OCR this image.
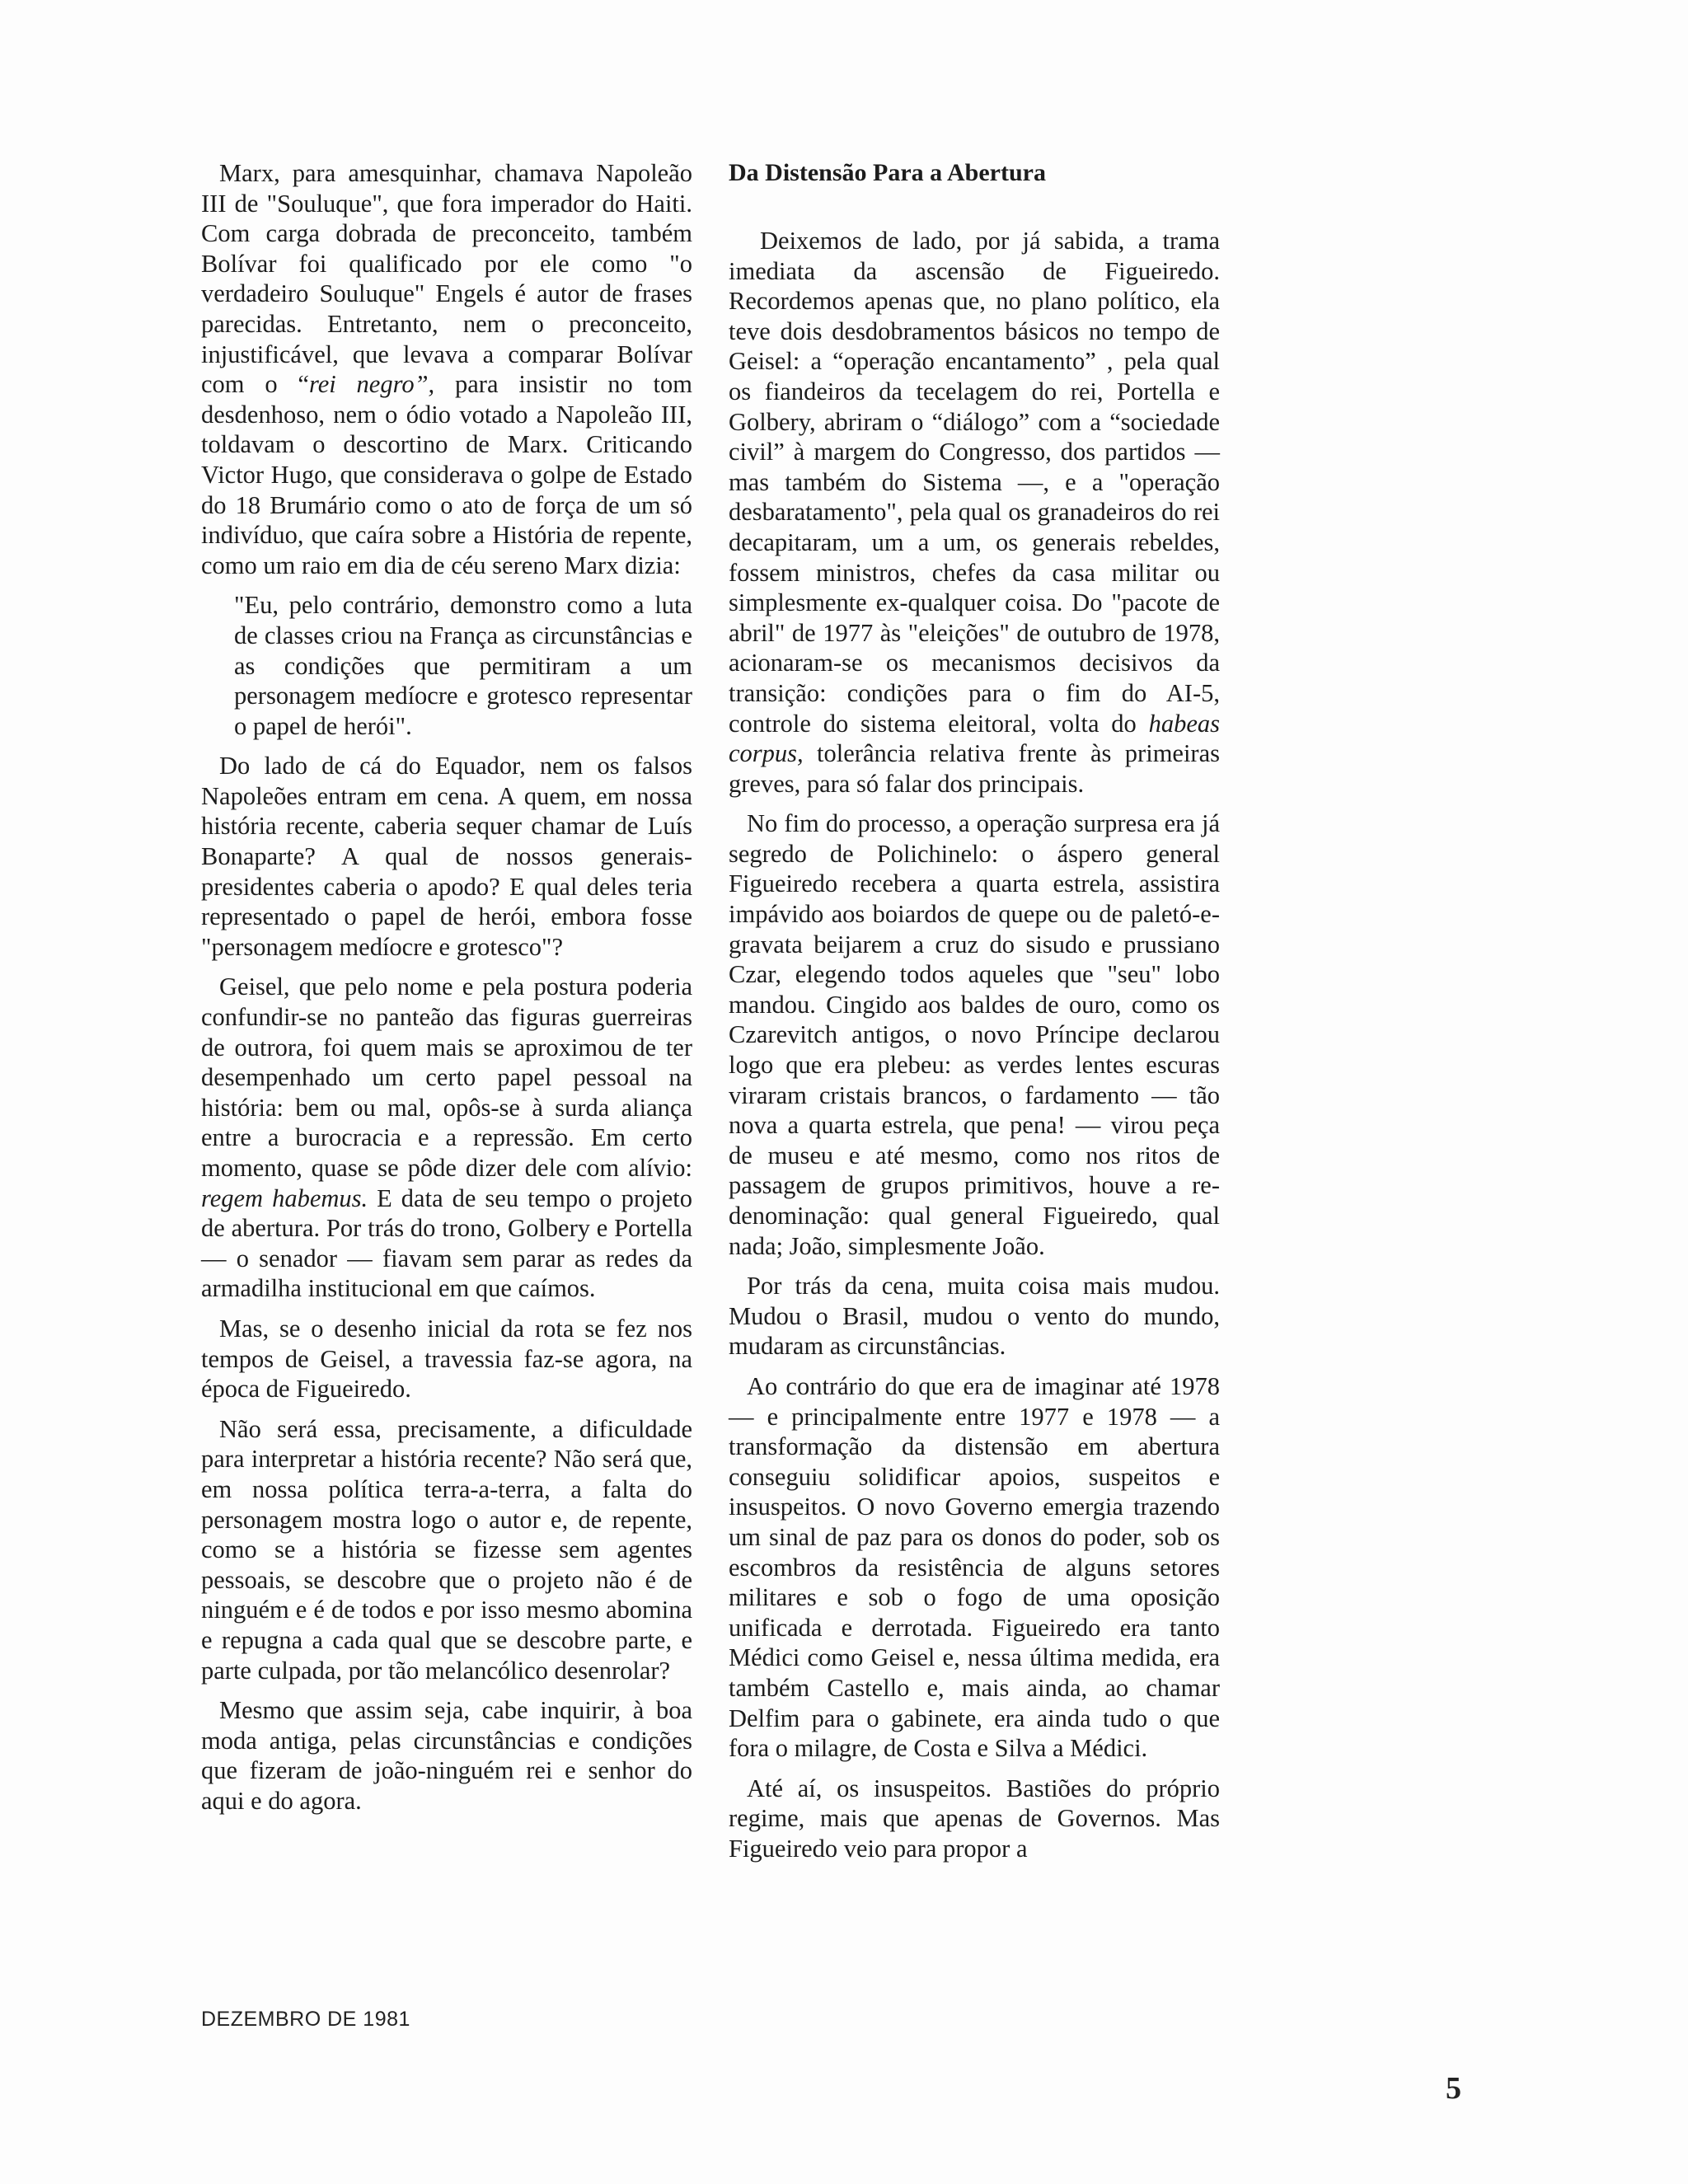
Marx, para amesquinhar, chamava Napoleão III de "Souluque", que fora imperador do Haiti. Com carga dobrada de preconceito, também Bolívar foi qualificado por ele como "o verdadeiro Souluque" Engels é autor de frases parecidas. Entretanto, nem o preconceito, injustificável, que levava a comparar Bolívar com o “rei negro”, para insistir no tom desdenhoso, nem o ódio votado a Napoleão III, toldavam o descortino de Marx. Criticando Victor Hugo, que considerava o golpe de Estado do 18 Brumário como o ato de força de um só indivíduo, que caíra sobre a História de repente, como um raio em dia de céu sereno Marx dizia:

"Eu, pelo contrário, demonstro como a luta de classes criou na França as circunstâncias e as condições que permitiram a um personagem medíocre e grotesco representar o papel de herói".

Do lado de cá do Equador, nem os falsos Napoleões entram em cena. A quem, em nossa história recente, caberia sequer chamar de Luís Bonaparte? A qual de nossos generais-presidentes caberia o apodo? E qual deles teria representado o papel de herói, embora fosse "personagem medíocre e grotesco"?

Geisel, que pelo nome e pela postura poderia confundir-se no panteão das figuras guerreiras de outrora, foi quem mais se aproximou de ter desempenhado um certo papel pessoal na história: bem ou mal, opôs-se à surda aliança entre a burocracia e a repressão. Em certo momento, quase se pôde dizer dele com alívio: regem habemus. E data de seu tempo o projeto de abertura. Por trás do trono, Golbery e Portella — o senador — fiavam sem parar as redes da armadilha institucional em que caímos.

Mas, se o desenho inicial da rota se fez nos tempos de Geisel, a travessia faz-se agora, na época de Figueiredo.

Não será essa, precisamente, a dificuldade para interpretar a história recente? Não será que, em nossa política terra-a-terra, a falta do personagem mostra logo o autor e, de repente, como se a história se fizesse sem agentes pessoais, se descobre que o projeto não é de ninguém e é de todos e por isso mesmo abomina e repugna a cada qual que se descobre parte, e parte culpada, por tão melancólico desenrolar?

Mesmo que assim seja, cabe inquirir, à boa moda antiga, pelas circunstâncias e condições que fizeram de joão-ninguém rei e senhor do aqui e do agora.

Da Distensão Para a Abertura

Deixemos de lado, por já sabida, a trama imediata da ascensão de Figueiredo. Recordemos apenas que, no plano político, ela teve dois desdobramentos básicos no tempo de Geisel: a “operação encantamento” , pela qual os fiandeiros da tecelagem do rei, Portella e Golbery, abriram o “diálogo” com a “sociedade civil” à margem do Congresso, dos partidos — mas também do Sistema —, e a "operação desbaratamento", pela qual os granadeiros do rei decapitaram, um a um, os generais rebeldes, fossem ministros, chefes da casa militar ou simplesmente ex-qualquer coisa. Do "pacote de abril" de 1977 às "eleições" de outubro de 1978, acionaram-se os mecanismos decisivos da transição: condições para o fim do AI-5, controle do sistema eleitoral, volta do habeas corpus, tolerância relativa frente às primeiras greves, para só falar dos principais.

No fim do processo, a operação surpresa era já segredo de Polichinelo: o áspero general Figueiredo recebera a quarta estrela, assistira impávido aos boiardos de quepe ou de paletó-e-gravata beijarem a cruz do sisudo e prussiano Czar, elegendo todos aqueles que "seu" lobo mandou. Cingido aos baldes de ouro, como os Czarevitch antigos, o novo Príncipe declarou logo que era plebeu: as verdes lentes escuras viraram cristais brancos, o fardamento — tão nova a quarta estrela, que pena! — virou peça de museu e até mesmo, como nos ritos de passagem de grupos primitivos, houve a re-denominação: qual general Figueiredo, qual nada; João, simplesmente João.

Por trás da cena, muita coisa mais mudou. Mudou o Brasil, mudou o vento do mundo, mudaram as circunstâncias.

Ao contrário do que era de imaginar até 1978 — e principalmente entre 1977 e 1978 — a transformação da distensão em abertura conseguiu solidificar apoios, suspeitos e insuspeitos. O novo Governo emergia trazendo um sinal de paz para os donos do poder, sob os escombros da resistência de alguns setores militares e sob o fogo de uma oposição unificada e derrotada. Figueiredo era tanto Médici como Geisel e, nessa última medida, era também Castello e, mais ainda, ao chamar Delfim para o gabinete, era ainda tudo o que fora o milagre, de Costa e Silva a Médici.

Até aí, os insuspeitos. Bastiões do próprio regime, mais que apenas de Governos. Mas Figueiredo veio para propor a

DEZEMBRO DE 1981
5
